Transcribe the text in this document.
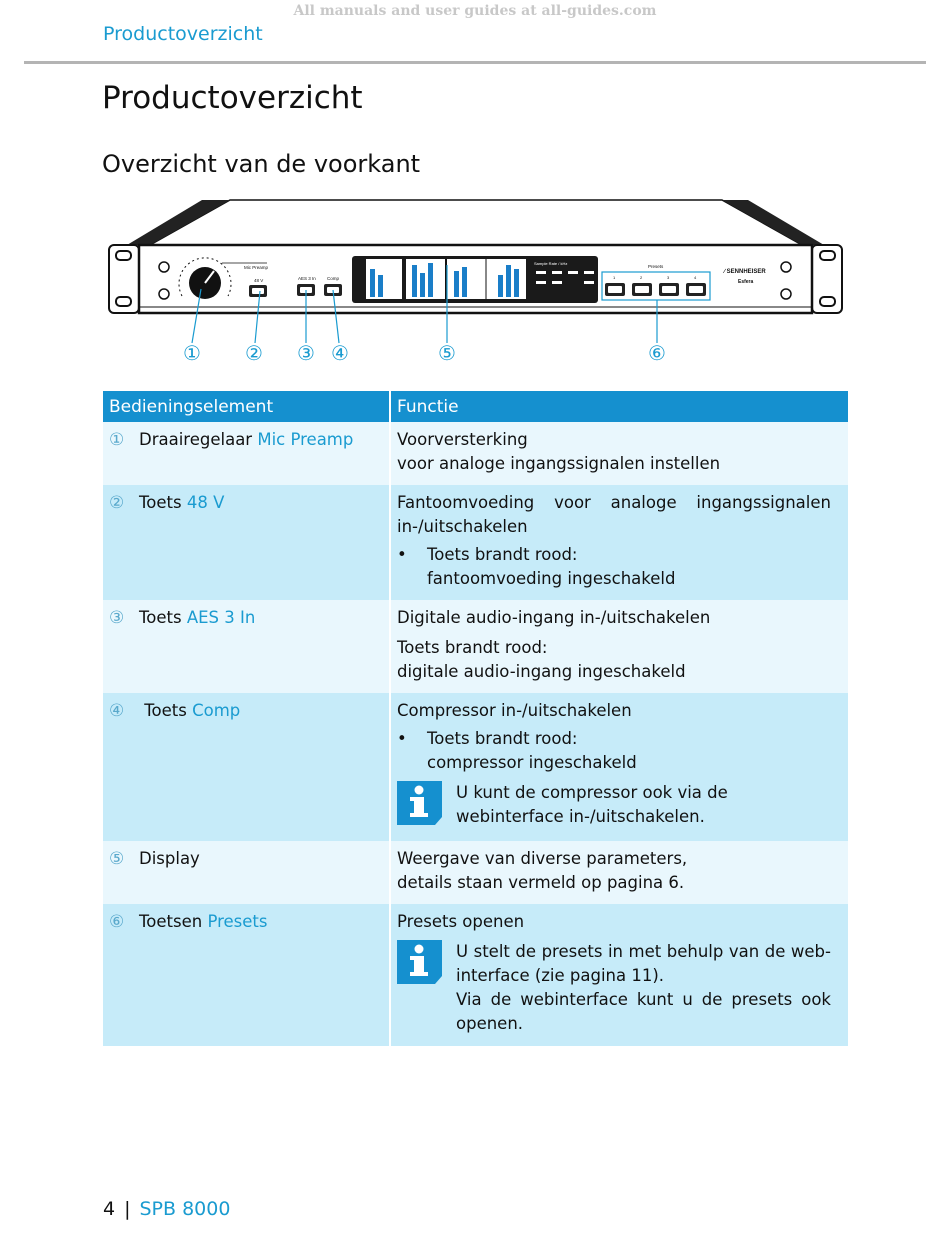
All manuals and user guides at all-guides.com
Productoverzicht
Productoverzicht
Overzicht van de voorkant
Mic Preamp
48 V	AES 3 In Comp
Sample Rate / kHz
Presets
1	2	3	4
∕ SENNHEISER
Esfera
① ② ③ ④	⑤	⑥
Bedieningselement	Functie
① Draairegelaar Mic Preamp	Voorversterking
voor analoge ingangssignalen instellen

② Toets 48 V	Fantoomvoeding voor analoge ingangssignalen in-/uitschakelen
• Toets brandt rood:
fantoomvoeding ingeschakeld

③ Toets AES 3 In	Digitale audio-ingang in-/uitschakelen
Toets brandt rood:
digitale audio-ingang ingeschakeld

④ Toets Comp	Compressor in-/uitschakelen
• Toets brandt rood:
compressor ingeschakeld
U kunt de compressor ook via de webinterface in-/uitschakelen.

⑤ Display	Weergave van diverse parameters,
details staan vermeld op pagina 6.

⑥ Toetsen Presets	Presets openen
U stelt de presets in met behulp van de webinterface (zie pagina 11).
Via de webinterface kunt u de presets ook openen.
4 | SPB 8000
